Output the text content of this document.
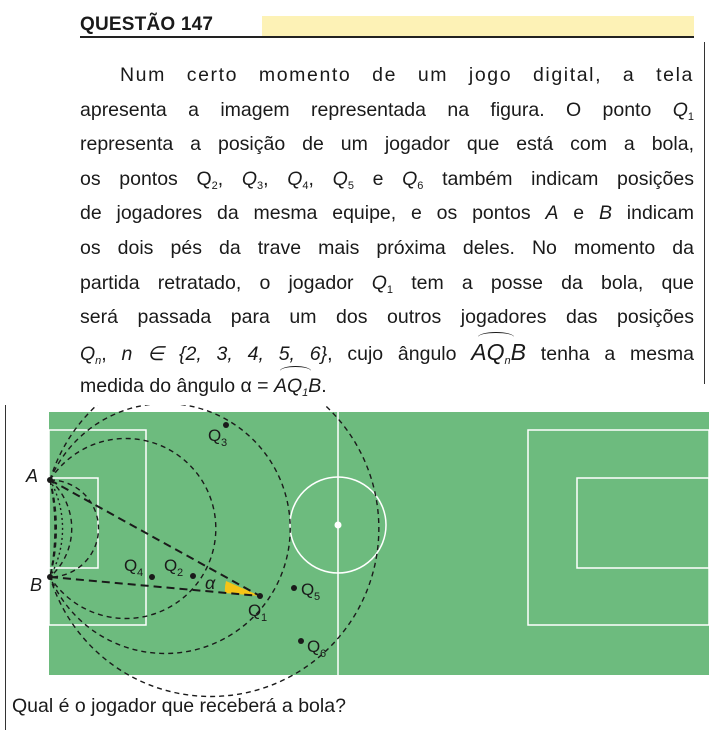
QUESTÃO 147
Num certo momento de um jogo digital, a tela
apresenta a imagem representada na figura. O ponto $Q_1$
representa a posição de um jogador que está com a bola,
os pontos $Q_2$, $Q_3$, $Q_4$, $Q_5$ e $Q_6$ também indicam posições
de jogadores da mesma equipe, e os pontos A e B indicam
os dois pés da trave mais próxima deles. No momento da
partida retratado, o jogador $Q_1$ tem a posse da bola, que
será passada para um dos outros jogadores das posições
$Q_n$, n ∈ {2, 3, 4, 5, 6}, cujo ângulo $AQ_nB$ tenha a mesma
medida do ângulo $\alpha = AQ_1B$.
A
B	α
Q 3
Q 4 Q 2
Q 1
Q 5
Q 6
Qual é o jogador que receberá a bola?
